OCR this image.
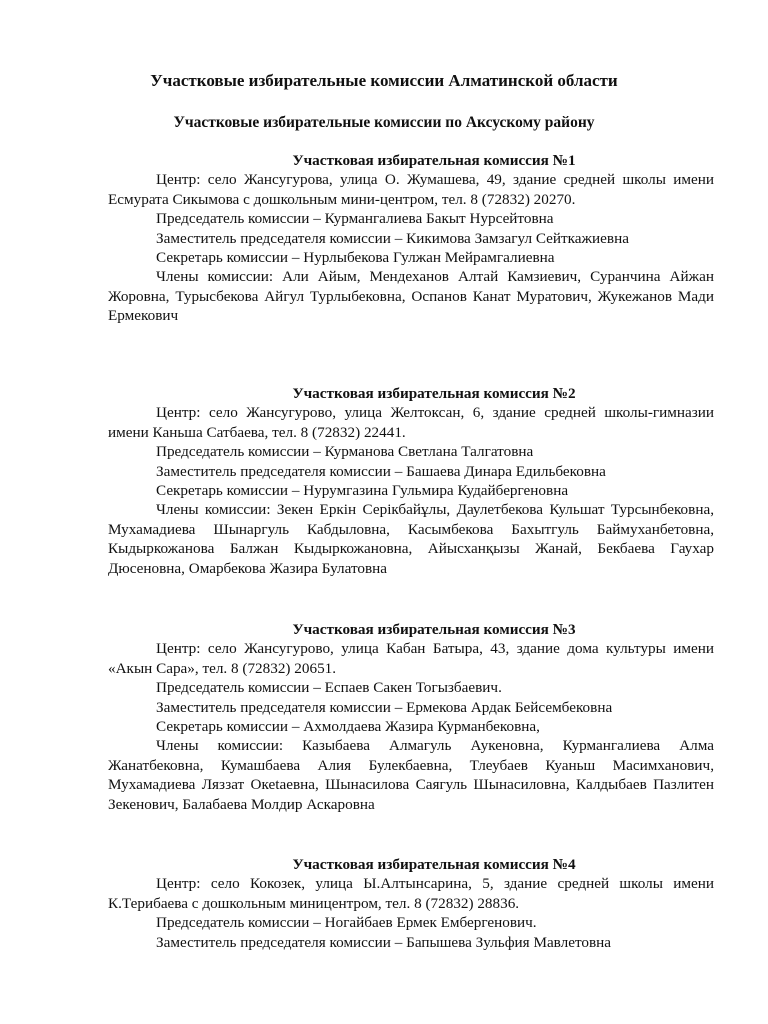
Участковые избирательные комиссии Алматинской области
Участковые избирательные комиссии по Аксускому району

Участковая избирательная комиссия №1

Центр: село Жансугурова, улица О. Жумашева, 49, здание средней школы имени Есмурата Сикымова с дошкольным мини-центром, тел. 8 (72832) 20270.

Председатель комиссии – Курмангалиева Бакыт Нурсейтовна

Заместитель председателя комиссии – Кикимова Замзагул Сейткажиевна

Секретарь комиссии – Нурлыбекова Гулжан Мейрамгалиевна

Члены комиссии: Али Айым, Мендеханов Алтай Камзиевич, Суранчина Айжан Жоровна, Турысбекова Айгул Турлыбековна, Оспанов Канат Муратович, Жукежанов Мади Ермекович

Участковая избирательная комиссия №2

Центр: село Жансугурово, улица Желтоксан, 6, здание средней школы-гимназии имени Каньша Сатбаева, тел. 8 (72832) 22441.

Председатель комиссии – Курманова Светлана Талгатовна

Заместитель председателя комиссии – Башаева Динара Едильбековна

Секретарь комиссии – Нурумгазина Гульмира Кудайбергеновна

Члены комиссии: Зекен Еркін Серікбайұлы, Даулетбекова Кульшат Турсынбековна, Мухамадиева Шынаргуль Кабдыловна, Касымбекова Бахытгуль Баймуханбетовна, Кыдыркожанова Балжан Кыдыркожановна, Айысханқызы Жанай, Бекбаева Гаухар Дюсеновна, Омарбекова Жазира Булатовна

Участковая избирательная комиссия №3

Центр: село Жансугурово, улица Кабан Батыра, 43, здание дома культуры имени «Акын Сара», тел. 8 (72832) 20651.

Председатель комиссии – Еспаев Сакен Тогызбаевич.

Заместитель председателя комиссии – Ермекова Ардак Бейсембековна

Секретарь комиссии – Ахмолдаева Жазира Курманбековна,

Члены комиссии: Казыбаева Алмагуль Аукеновна, Курмангалиева Алма Жанатбековна, Кумашбаева Алия Булекбаевна, Тлеубаев Куаньш Масимханович, Мухамадиева Ляззат Океtaевна, Шынасилова Саягуль Шынасиловна, Калдыбаев Пазлитен Зекенович, Балабаева Молдир Аскаровна

Участковая избирательная комиссия №4

Центр: село Кокозек, улица Ы.Алтынсарина, 5, здание средней школы имени К.Терибаева с дошкольным миницентром, тел. 8 (72832) 28836.

Председатель комиссии – Ногайбаев Ермек Ембергенович.

Заместитель председателя комиссии – Бапышева Зульфия Мавлетовна
